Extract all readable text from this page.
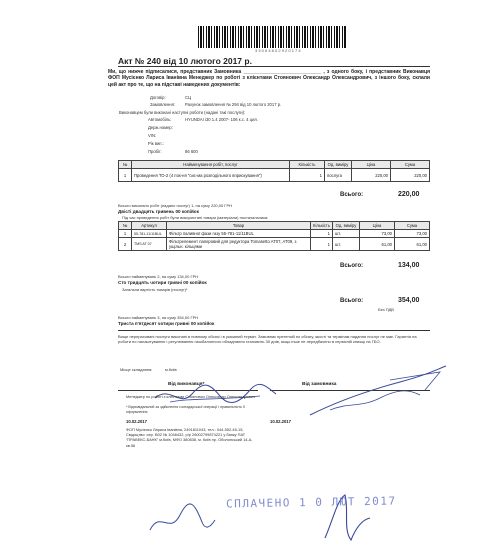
3 3 0 6 4 8 0 2 9 2 0 1 7 4
Акт № 240 від 10 лютого 2017 р.
Ми, що нижче підписалися, представник Замовника ____________________________ , з одного боку, і представник Виконавця ФОП Мусієнко Лариса Іванівна Менеджер по роботі з клієнтами Стоянович Олександр Олександрович, з іншого боку, склали цей акт про те, що на підставі наведених документів:
Договір:	СЦ
Замовлення: Рахунок замовлення № 294 від 10 лютого 2017 р.
Виконавцем були виконані наступні роботи (надані такі послуги):
Автомобіль:	HYUNDAI i30 1.4 2007- 106 к.с. 4 цил.
Держ.номер:
VIN:
Рік вип.:
Пробіг:	86 600
№	Найменування робіт, послуг	Кількість	Од. виміру	Ціна	Сума
1	Проведення ТО-2 (4 пок-ня "сис-ма розподільного вприскування")	1	послуга	220,00	220,00
Всього:	220,00
Всього виконано робіт (надано послуг) 1, на суму 220,00 ГРН
Двісті двадцять гривень 00 копійок
Під час проведення робіт були використані товари (матеріали) постачальника:
№	Артикул	Товар	Кількість	Од. виміру	Ціна	Сума
1	55-781-11/11BUL	Фільтр паливної фази газу 55-781-11/11BUL	1	шт.	73,00	73,00
2	TMS AT 07	Фільтрелемент паперовий для редуктора Tomasetto AT07, AT09, з ущільн. кільцями	1	шт.	61,00	61,00
Всього:	134,00
Всього найменувань 2, на суму 134,00 ГРН
Сто тридцять чотири гривні 00 копійок
Загальна вартість товарів (послуг)*
Всього:	354,00
Без ПДВ
Всього найменувань 3, на суму 354,00 ГРН
Триста п'ятдесят чотири гривні 00 копійок
Вище перераховані послуги виконані в повному обсязі і в указаний термін. Замовник претензій по обсягу, якості та термінам надання послуг не має. Гарантія на роботи по налаштуванню і регулюванню газобалонного обладнання становить 30 днів, якщо інше не передбачено в сервісній книжці на ГБО.
Місце складання:	м.Київ
Від виконавця*	Від замовника
Менеджер по роботі з клієнтами Стоянович Олександр Олександрович
* Відповідальний за здійснення господарської операції і правильність її оформлення
10.02.2017	10.02.2017
ФОП Мусієнко Лариса Іванівна, 2491811043, тел.: 044-552-45-15, Свідоцтво: сер. В02 № 1046432, р/р 26002799874221 у банку ПАТ "ПРАВЕКС-БАНК" м.Київ, МФО 380838, м. Київ пр. Оболонський 14-А, кв.56
СПЛАЧЕНО 1 0 ЛЮТ 2017
